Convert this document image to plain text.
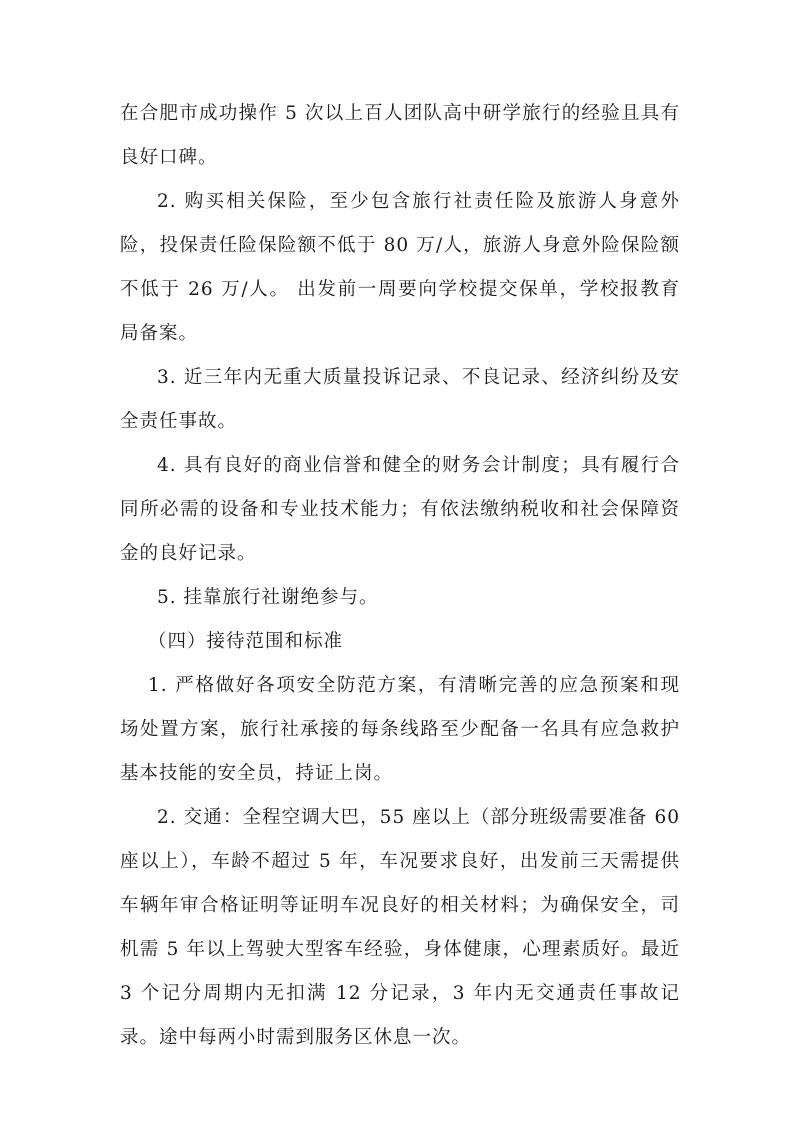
在合肥市成功操作 5 次以上百人团队高中研学旅行的经验且具有良好口碑。

2. 购买相关保险，至少包含旅行社责任险及旅游人身意外险，投保责任险保险额不低于 80 万/人，旅游人身意外险保险额不低于 26 万/人。 出发前一周要向学校提交保单，学校报教育局备案。

3. 近三年内无重大质量投诉记录、不良记录、经济纠纷及安全责任事故。

4. 具有良好的商业信誉和健全的财务会计制度；具有履行合同所必需的设备和专业技术能力；有依法缴纳税收和社会保障资金的良好记录。

5. 挂靠旅行社谢绝参与。

（四）接待范围和标准

1. 严格做好各项安全防范方案，有清晰完善的应急预案和现场处置方案，旅行社承接的每条线路至少配备一名具有应急救护基本技能的安全员，持证上岗。

2. 交通：全程空调大巴，55 座以上（部分班级需要准备 60 座以上），车龄不超过 5 年，车况要求良好，出发前三天需提供车辆年审合格证明等证明车况良好的相关材料；为确保安全，司机需 5 年以上驾驶大型客车经验，身体健康，心理素质好。最近 3 个记分周期内无扣满 12 分记录，3 年内无交通责任事故记录。途中每两小时需到服务区休息一次。
